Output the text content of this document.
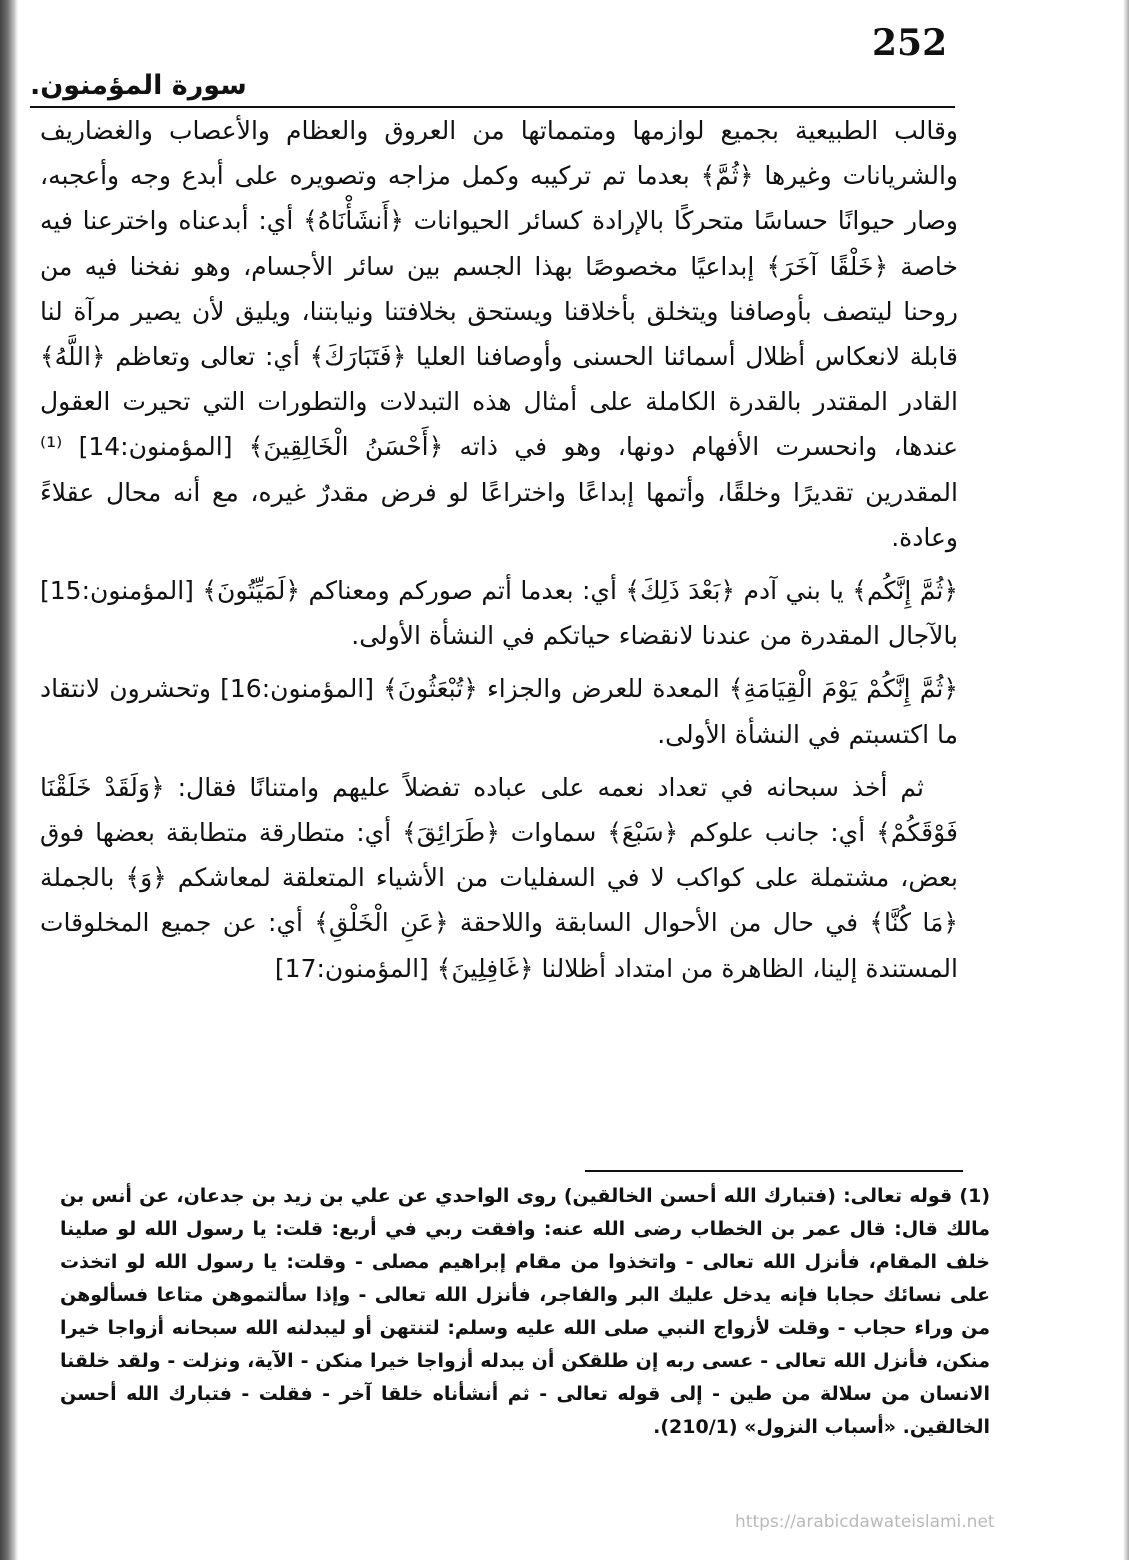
252
سورة المؤمنون.

وقالب الطبيعية بجميع لوازمها ومتمماتها من العروق والعظام والأعصاب والغضاريف والشريانات وغيرها ﴿ثُمَّ﴾ بعدما تم تركيبه وكمل مزاجه وتصويره على أبدع وجه وأعجبه، وصار حيوانًا حساسًا متحركًا بالإرادة كسائر الحيوانات ﴿أَنشَأْنَاهُ﴾ أي: أبدعناه واخترعنا فيه خاصة ﴿خَلْقًا آخَرَ﴾ إبداعيًا مخصوصًا بهذا الجسم بين سائر الأجسام، وهو نفخنا فيه من روحنا ليتصف بأوصافنا ويتخلق بأخلاقنا ويستحق بخلافتنا ونيابتنا، ويليق لأن يصير مرآة لنا قابلة لانعكاس أظلال أسمائنا الحسنى وأوصافنا العليا ﴿فَتَبَارَكَ﴾ أي: تعالى وتعاظم ﴿اللَّهُ﴾ القادر المقتدر بالقدرة الكاملة على أمثال هذه التبدلات والتطورات التي تحيرت العقول عندها، وانحسرت الأفهام دونها، وهو في ذاته ﴿أَحْسَنُ الْخَالِقِينَ﴾ [المؤمنون:14] ⁽¹⁾ المقدرين تقديرًا وخلقًا، وأتمها إبداعًا واختراعًا لو فرض مقدرٌ غيره، مع أنه محال عقلاءً وعادة.

﴿ثُمَّ إِنَّكُم﴾ يا بني آدم ﴿بَعْدَ ذَلِكَ﴾ أي: بعدما أتم صوركم ومعناكم ﴿لَمَيِّتُونَ﴾ [المؤمنون:15] بالآجال المقدرة من عندنا لانقضاء حياتكم في النشأة الأولى.

﴿ثُمَّ إِنَّكُمْ يَوْمَ الْقِيَامَةِ﴾ المعدة للعرض والجزاء ﴿تُبْعَثُونَ﴾ [المؤمنون:16] وتحشرون لانتقاد ما اكتسبتم في النشأة الأولى.

ثم أخذ سبحانه في تعداد نعمه على عباده تفضلاً عليهم وامتنانًا فقال: ﴿وَلَقَدْ خَلَقْنَا فَوْقَكُمْ﴾ أي: جانب علوكم ﴿سَبْعَ﴾ سماوات ﴿طَرَائِقَ﴾ أي: متطارقة متطابقة بعضها فوق بعض، مشتملة على كواكب لا في السفليات من الأشياء المتعلقة لمعاشكم ﴿وَ﴾ بالجملة ﴿مَا كُنَّا﴾ في حال من الأحوال السابقة واللاحقة ﴿عَنِ الْخَلْقِ﴾ أي: عن جميع المخلوقات المستندة إلينا، الظاهرة من امتداد أظلالنا ﴿غَافِلِينَ﴾ [المؤمنون:17]

(1) قوله تعالى: (فتبارك الله أحسن الخالقين) روى الواحدي عن علي بن زيد بن جدعان، عن أنس بن مالك قال: قال عمر بن الخطاب رضى الله عنه: وافقت ربي في أربع: قلت: يا رسول الله لو صلينا خلف المقام، فأنزل الله تعالى - واتخذوا من مقام إبراهيم مصلى - وقلت: يا رسول الله لو اتخذت على نسائك حجابا فإنه يدخل عليك البر والفاجر، فأنزل الله تعالى - وإذا سألتموهن متاعا فسألوهن من وراء حجاب - وقلت لأزواج النبي صلى الله عليه وسلم: لتنتهن أو ليبدلنه الله سبحانه أزواجا خيرا منكن، فأنزل الله تعالى - عسى ربه إن طلقكن أن يبدله أزواجا خيرا منكن - الآية، ونزلت - ولقد خلقنا الانسان من سلالة من طين - إلى قوله تعالى - ثم أنشأناه خلقا آخر - فقلت - فتبارك الله أحسن الخالقين. «أسباب النزول» (210/1).

https://arabicdawateislami.net
